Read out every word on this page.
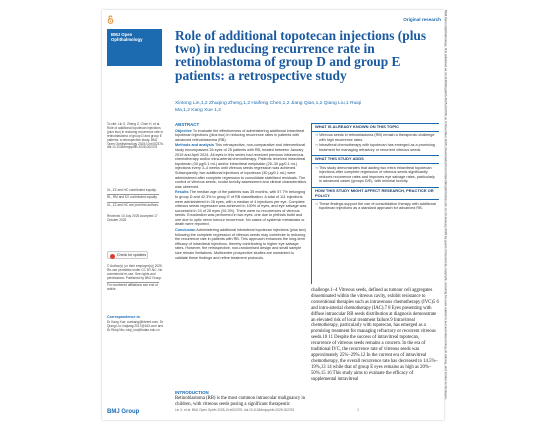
Original research
BMJ Open
Ophthalmology	Role of additional topotecan injections (plus two) in reducing recurrence rate in retinoblastoma of group D and group E patients: a retrospective study
Xintong Lin,1,2 Zhuqing Zheng,1,2 Haifeng Chen,1,2 Jiang Qian,1,2 Qiang Liu,1 Ruiqi Ma,1,2 Kang Xue 1,2
To cite: Lin X, Zheng Z, Chen H, et al. Role of additional topotecan injections (plus two) in reducing recurrence rate in retinoblastoma of group D and group E patients: a retrospective study. BMJ Open Ophthalmology 2025;10:e002376. doi:10.1136/bmjophth-2025-002376
XL, ZZ and HC contributed equally.
RL, RM and KX contributed equally.
XL, ZZ and HC are joint first authors.
Received 10 July 2025 Accepted 17 October 2025
Check for updates
© Author(s) (or their employer(s)) 2025. Re-use permitted under CC BY-NC. No commercial re-use. See rights and permissions. Published by BMJ Group.
For numbered affiliations see end of article.
Correspondence to
Dr Kang Xue; xuekang@fdeent.com, Dr Qiang Liu; liuqiang.2017@163.com and
Dr Ruiqi Ma; ruiqi_ma@fudan.edu.cn
ABSTRACT

Objective To evaluate the effectiveness of administering additional intravitreal topotecan injections (plus two) in reducing recurrence rates in patients with advanced retinoblastoma (RB).

Methods and analysis This retrospective, non-comparative and interventional study encompassed 26 eyes of 25 patients with RB, treated between January 2019 and April 2024. All eyes in this series had received previous intravenous chemotherapy and/or intra-arterial chemotherapy. Patients received intravitreal topotecan (30 μg/0.1 mL) and/or intravitreal melphalan (20–30 μg/0.1 mL) injections every 3–4 weeks until vitreous seeds regression was achieved. Subsequently, two additional injections of topotecan (30 μg/0.1 mL) were administered after complete regression to consolidate stabilised residuals. The control of vitreous seeds, ocular toxicity assessment and clinical characteristics was observed.

Results The median age of the patients was 35 months, with 57.7% belonging to group D and 42.3% to group E of RB classification. A total of 111 injections were administered in 26 eyes, with a median of 4 injections per eye. Complete vitreous seeds regression was achieved in 100% of eyes, and eye salvage was successful in 24 of 26 eyes (92.3%). There were no recurrences of vitreous seeds. Enucleation was performed in two eyes: one due to phthisis bulbi and one due to optic nerve tumour recurrence. No cases of systemic metastasis or death were reported.

Conclusion Administering additional intravitreal topotecan injections (plus two) following the complete regression of vitreous seeds may contribute to reducing the recurrence rate in patients with RB. This approach enhances the long-term efficacy of intravitreal injections, thereby contributing to higher eye salvage rates. However, the retrospective, non-randomised design and small sample size remain limitations. Multicentre prospective studies are warranted to validate these findings and refine treatment protocols.

WHAT IS ALREADY KNOWN ON THIS TOPIC
⇒ Vitreous seeds in retinoblastoma (RB) remain a therapeutic challenge with high recurrence rates.
⇒ Intravitreal chemotherapy with topotecan has emerged as a promising treatment for managing refractory or recurrent vitreous seeds.
WHAT THIS STUDY ADDS
⇒ This study demonstrates that adding two extra intravitreal topotecan injections after complete regression of vitreous seeds significantly reduces recurrence rates and improves eye salvage rates, particularly in advanced cases (groups D/E), with minimal toxicity.
HOW THIS STUDY MIGHT AFFECT RESEARCH, PRACTICE OR POLICY
⇒ These findings support the use of consolidation therapy with additional topotecan injections as a standard approach for advanced RB.
challenge.1–4 Vitreous seeds, defined as tumour cell aggregates disseminated within the vitreous cavity, exhibit resistance to conventional therapies such as intravenous chemotherapy (IVC)5 6 and intra-arterial chemotherapy (IAC).7 8 Eyes presenting with diffuse intraocular RB seeds distribution at diagnosis demonstrate an elevated risk of local treatment failure.9 Intravitreal chemotherapy, particularly with topotecan, has emerged as a promising treatment for managing refractory or recurrent vitreous seeds.10 11 Despite the success of intravitreal topotecan, recurrence of vitreous seeds remains a concern. In the era of traditional IVC, the recurrence rate of vitreous seeds was approximately 25%–29%.12 In the current era of intravitreal chemotherapy, the overall recurrence rate has decreased to 14.5%–19%,13 14 while that of group E eyes remains as high as 20%–50%.15 16 This study aims to evaluate the efficacy of supplemental intravitreal
INTRODUCTION
Retinoblastoma (RB) is the most common intraocular malignancy in children, with vitreous seeds posing a significant therapeutic
BMJ Group	Lin X, et al. BMJ Open Ophth 2025;10:e002376. doi:10.1136/bmjophth-2025-002376	1
BMJ Open Ophthalmology: first published as 10.1136/bmjophth-2025-002376 on 3 November 2025. Downloaded from https://bmjophth.bmj.com on 15 January 2026 by guest. Protected by copyright, including for uses related to text and data mining, AI training, and similar technologies.
